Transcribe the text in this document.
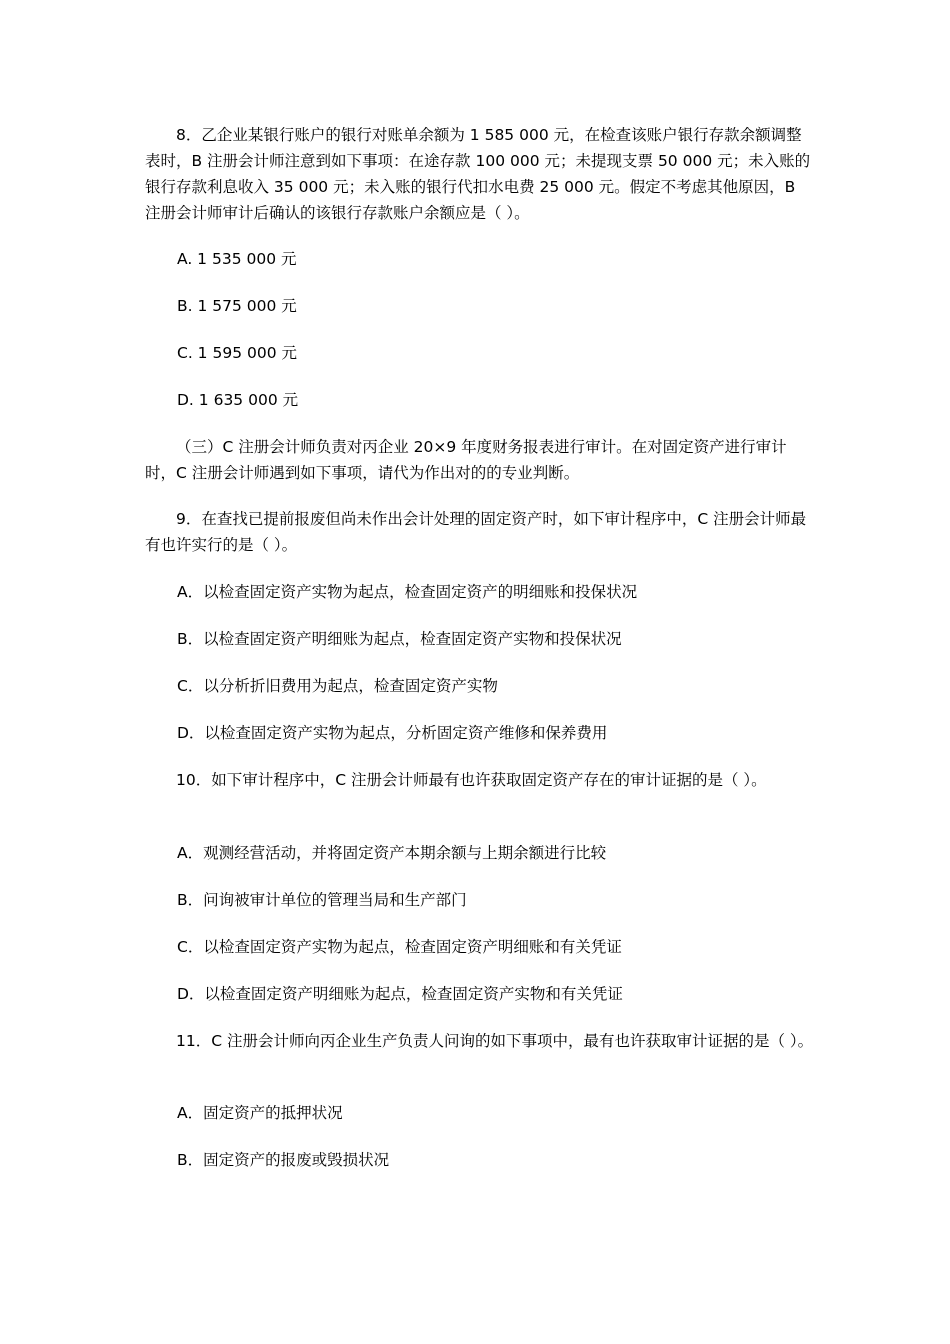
8．乙企业某银行账户的银行对账单余额为 1 585 000 元，在检查该账户银行存款余额调整表时，B 注册会计师注意到如下事项：在途存款 100 000 元；未提现支票 50 000 元；未入账的银行存款利息收入 35 000 元；未入账的银行代扣水电费 25 000 元。假定不考虑其他原因，B 注册会计师审计后确认的该银行存款账户余额应是（ ）。

A. 1 535 000 元

B. 1 575 000 元

C. 1 595 000 元

D. 1 635 000 元

（三）C 注册会计师负责对丙企业 20×9 年度财务报表进行审计。在对固定资产进行审计时，C 注册会计师遇到如下事项，请代为作出对的的专业判断。

9．在查找已提前报废但尚未作出会计处理的固定资产时，如下审计程序中，C 注册会计师最有也许实行的是（ ）。

A．以检查固定资产实物为起点，检查固定资产的明细账和投保状况

B．以检查固定资产明细账为起点，检查固定资产实物和投保状况

C．以分析折旧费用为起点，检查固定资产实物

D．以检查固定资产实物为起点，分析固定资产维修和保养费用

10．如下审计程序中，C 注册会计师最有也许获取固定资产存在的审计证据的是（ ）。

A．观测经营活动，并将固定资产本期余额与上期余额进行比较

B．问询被审计单位的管理当局和生产部门

C．以检查固定资产实物为起点，检查固定资产明细账和有关凭证

D．以检查固定资产明细账为起点，检查固定资产实物和有关凭证

11．C 注册会计师向丙企业生产负责人问询的如下事项中，最有也许获取审计证据的是（ ）。

A．固定资产的抵押状况

B．固定资产的报废或毁损状况
